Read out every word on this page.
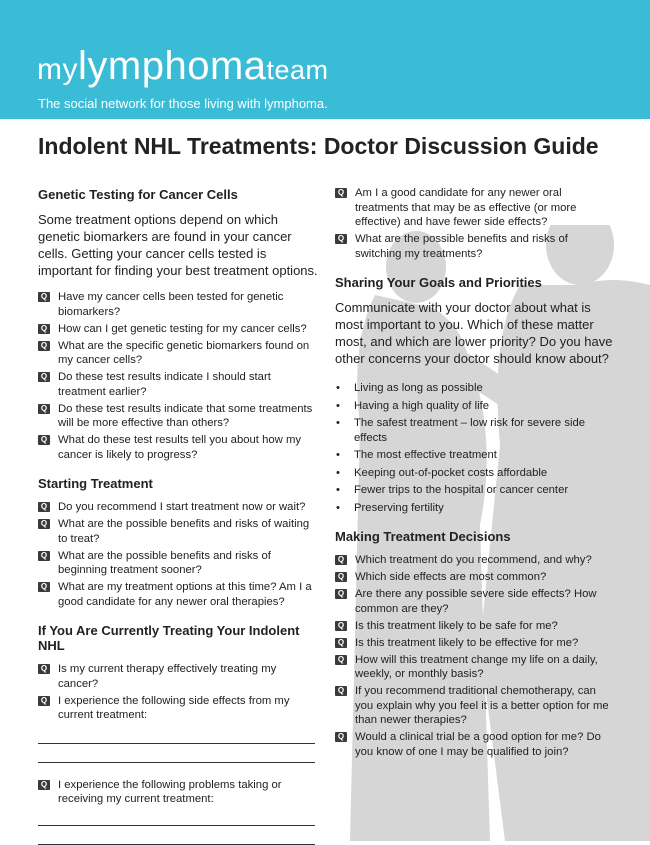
mylymphomateam
The social network for those living with lymphoma.
Indolent NHL Treatments: Doctor Discussion Guide
Genetic Testing for Cancer Cells

Some treatment options depend on which genetic biomarkers are found in your cancer cells. Getting your cancer cells tested is important for finding your best treatment options.

Q Have my cancer cells been tested for genetic biomarkers?
Q How can I get genetic testing for my cancer cells?
Q What are the specific genetic biomarkers found on my cancer cells?
Q Do these test results indicate I should start treatment earlier?
Q Do these test results indicate that some treatments will be more effective than others?
Q What do these test results tell you about how my cancer is likely to progress?
Starting Treatment
Q Do you recommend I start treatment now or wait?
Q What are the possible benefits and risks of waiting to treat?
Q What are the possible benefits and risks of beginning treatment sooner?
Q What are my treatment options at this time? Am I a good candidate for any newer oral therapies?
If You Are Currently Treating Your Indolent NHL
Q Is my current therapy effectively treating my cancer?
Q I experience the following side effects from my current treatment:
Q I experience the following problems taking or receiving my current treatment:
Q Am I a good candidate for any newer oral treatments that may be as effective (or more effective) and have fewer side effects?
Q What are the possible benefits and risks of switching my treatments?
Sharing Your Goals and Priorities

Communicate with your doctor about what is most important to you. Which of these matter most, and which are lower priority? Do you have other concerns your doctor should know about?

• Living as long as possible
• Having a high quality of life
• The safest treatment – low risk for severe side effects
• The most effective treatment
• Keeping out-of-pocket costs affordable
• Fewer trips to the hospital or cancer center
• Preserving fertility
Making Treatment Decisions
Q Which treatment do you recommend, and why?
Q Which side effects are most common?
Q Are there any possible severe side effects? How common are they?
Q Is this treatment likely to be safe for me?
Q Is this treatment likely to be effective for me?
Q How will this treatment change my life on a daily, weekly, or monthly basis?
Q If you recommend traditional chemotherapy, can you explain why you feel it is a better option for me than newer therapies?
Q Would a clinical trial be a good option for me? Do you know of one I may be qualified to join?
